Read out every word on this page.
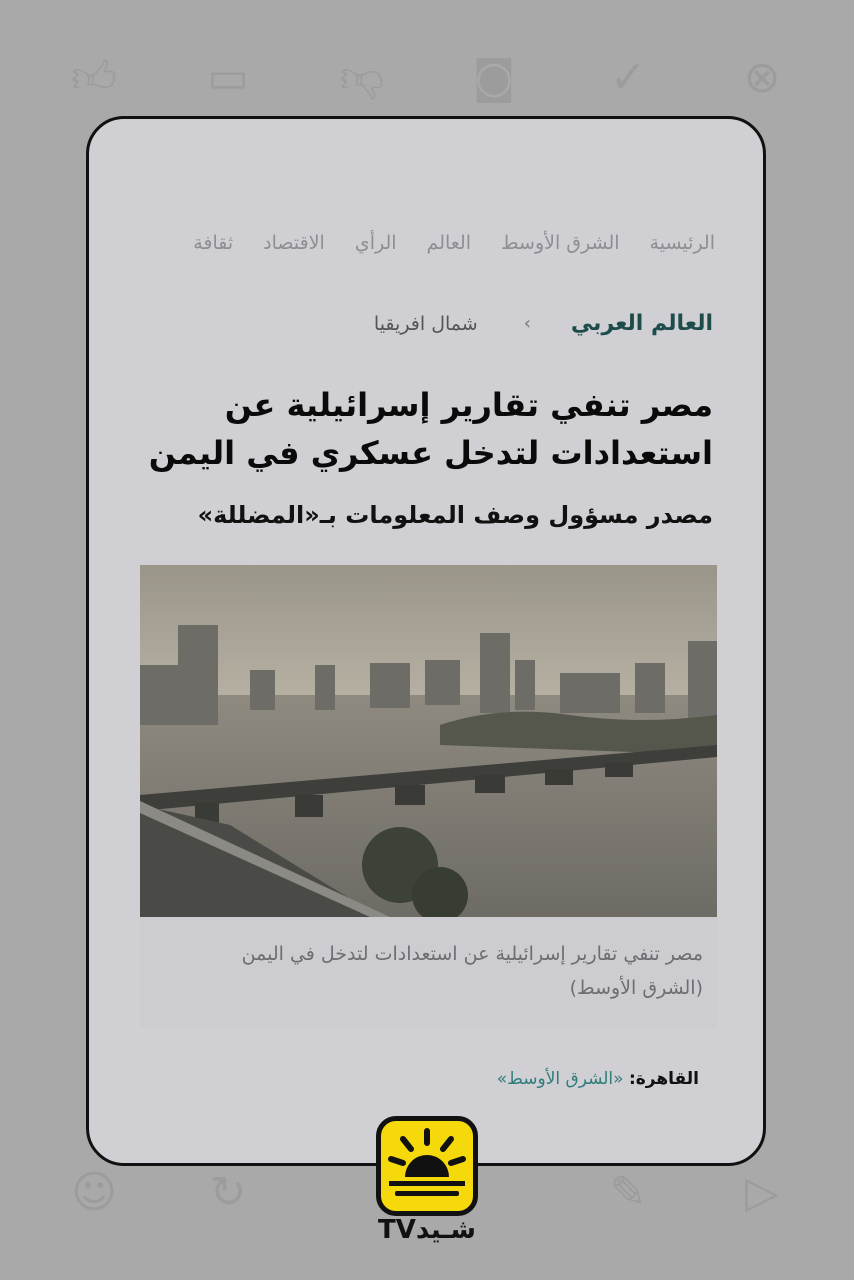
👍︎ ▭ 👎︎ ◙ ✓ ⊗
☺ ↻	✎ ▷
الرئيسية
الشرق الأوسط
العالم
الرأي
الاقتصاد
ثقافة
العالم العربي
›
شمال افريقيا
مصر تنفي تقارير إسرائيلية عن استعدادات لتدخل عسكري في اليمن
مصدر مسؤول وصف المعلومات بـ«المضللة»
مصر تنفي تقارير إسرائيلية عن استعدادات لتدخل في اليمن
(الشرق الأوسط)
القاهرة: «الشرق الأوسط»
شـيدTV
